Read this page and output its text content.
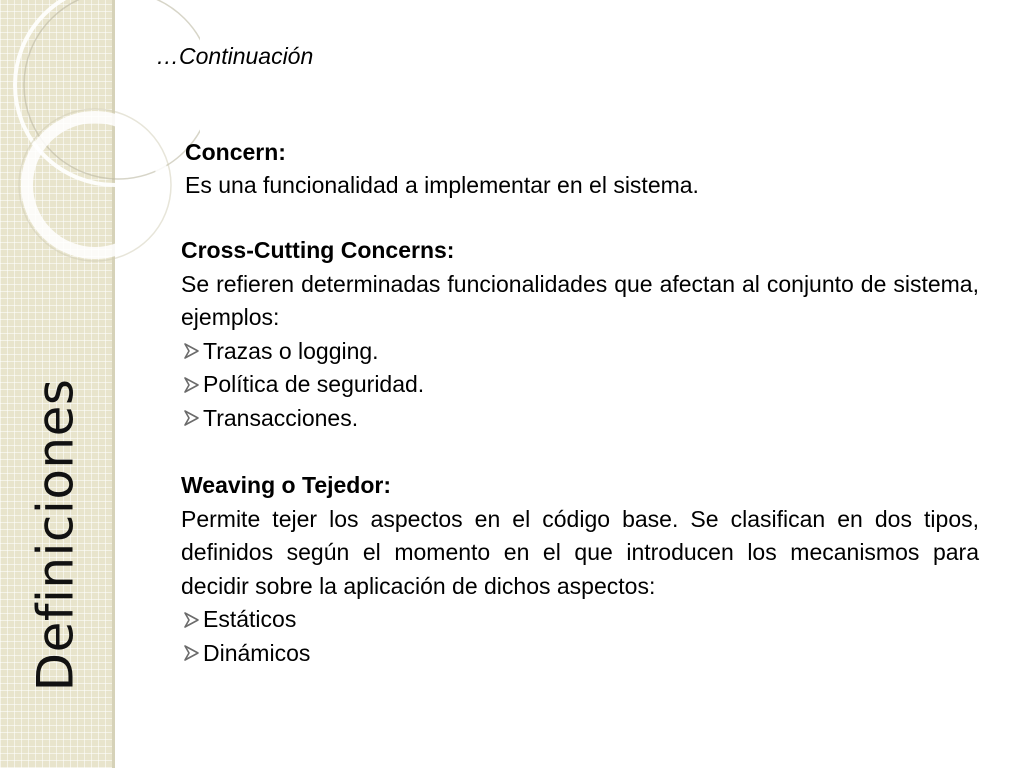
Definiciones
…Continuación
Concern:
Es una funcionalidad a implementar en el sistema.
Cross-Cutting Concerns:
Se refieren determinadas funcionalidades que afectan al conjunto de sistema, ejemplos:
Trazas o logging.
Política de seguridad.
Transacciones.
Weaving o Tejedor:
Permite tejer los aspectos en el código base. Se clasifican en dos tipos, definidos según el momento en el que introducen los mecanismos para decidir sobre la aplicación de dichos aspectos:
Estáticos
Dinámicos
